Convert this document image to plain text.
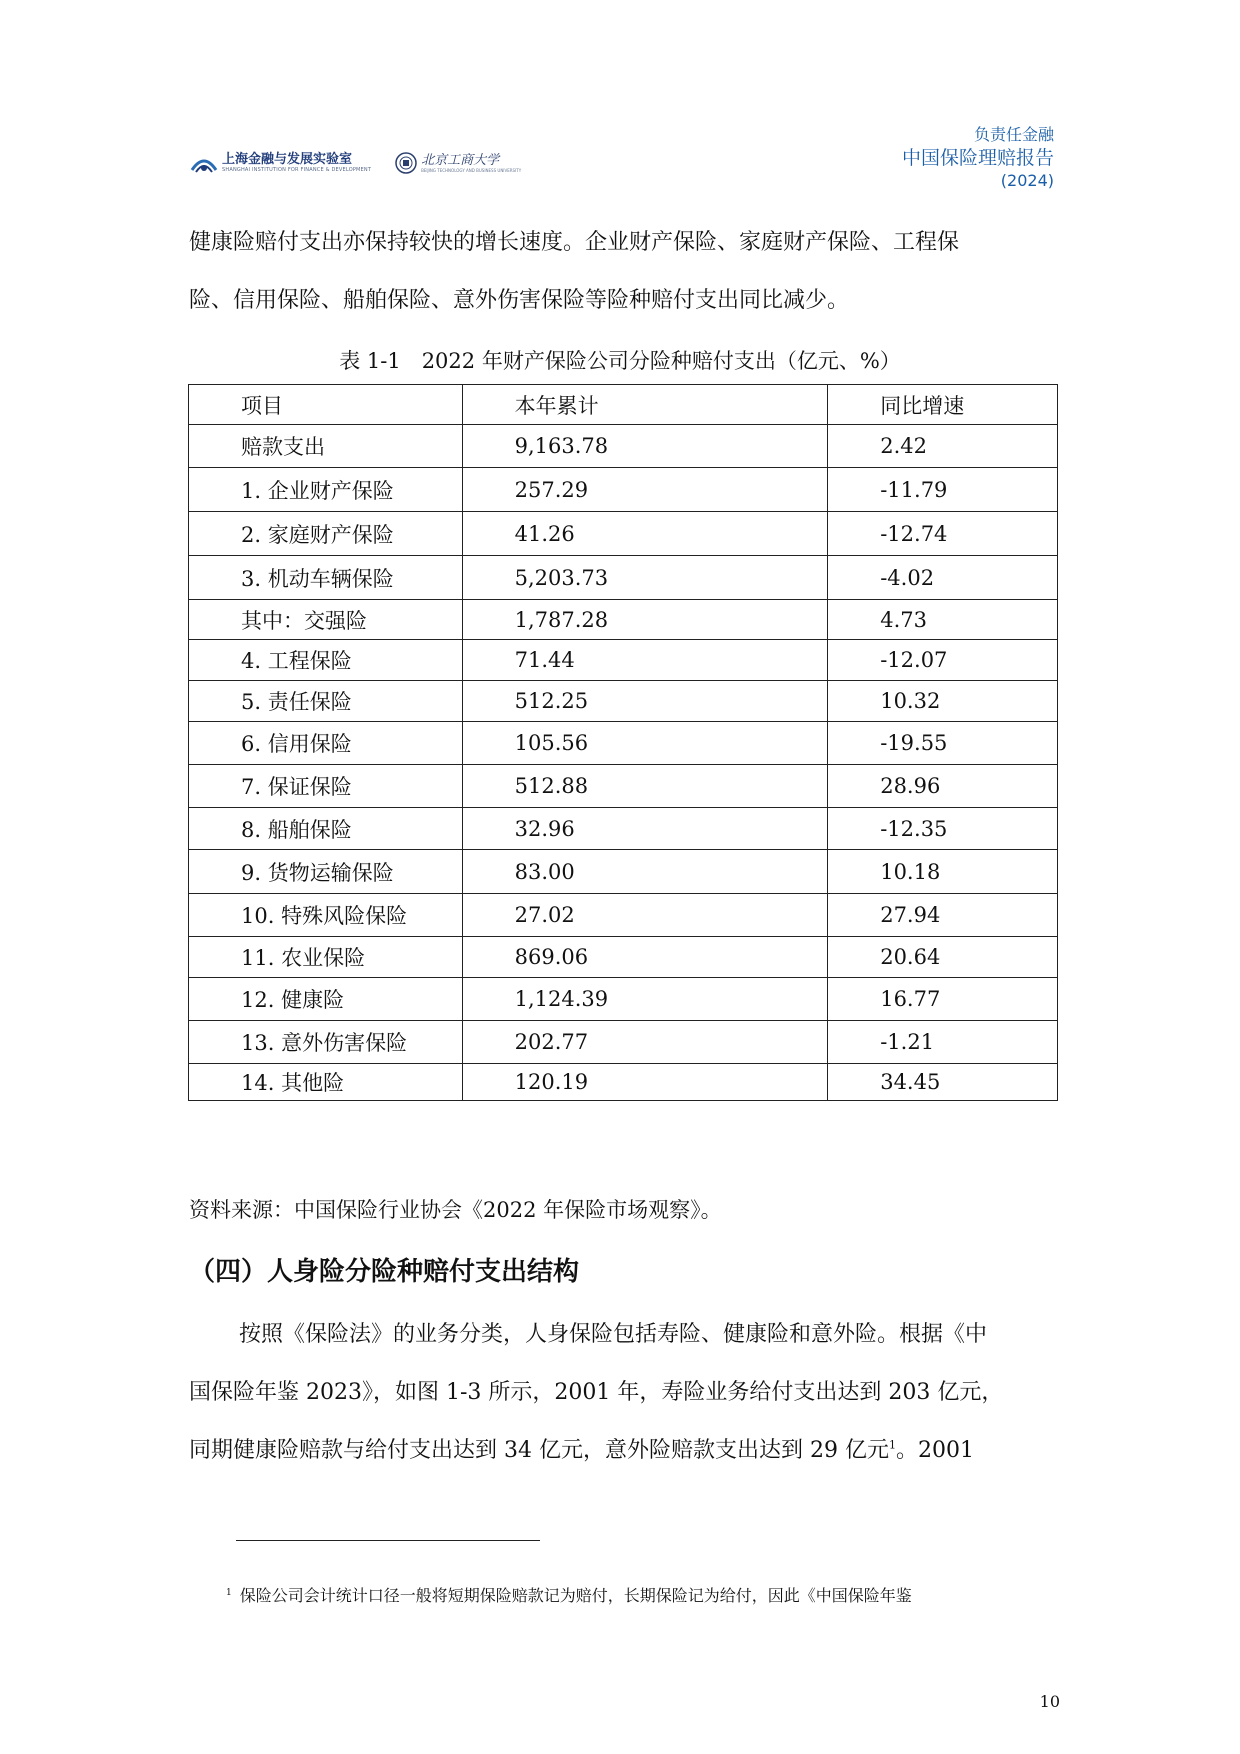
上海金融与发展实验室
SHANGHAI INSTITUTION FOR FINANCE & DEVELOPMENT
北京工商大学
BEIJING TECHNOLOGY AND BUSINESS UNIVERSITY
负责任金融
中国保险理赔报告
(2024)
健康险赔付支出亦保持较快的增长速度。企业财产保险、家庭财产保险、工程保
险、信用保险、船舶保险、意外伤害保险等险种赔付支出同比减少。
表 1-1　2022 年财产保险公司分险种赔付支出（亿元、%）
项目	本年累计	同比增速
赔款支出	9,163.78	2.42
1. 企业财产保险	257.29	-11.79
2. 家庭财产保险	41.26	-12.74
3. 机动车辆保险	5,203.73	-4.02
其中：交强险	1,787.28	4.73
4. 工程保险	71.44	-12.07
5. 责任保险	512.25	10.32
6. 信用保险	105.56	-19.55
7. 保证保险	512.88	28.96
8. 船舶保险	32.96	-12.35
9. 货物运输保险	83.00	10.18
10. 特殊风险保险	27.02	27.94
11. 农业保险	869.06	20.64
12. 健康险	1,124.39	16.77
13. 意外伤害保险	202.77	-1.21
14. 其他险	120.19	34.45
资料来源：中国保险行业协会《2022 年保险市场观察》。
（四）人身险分险种赔付支出结构
按照《保险法》的业务分类，人身保险包括寿险、健康险和意外险。根据《中
国保险年鉴 2023》，如图 1-3 所示，2001 年，寿险业务给付支出达到 203 亿元，
同期健康险赔款与给付支出达到 34 亿元，意外险赔款支出达到 29 亿元$^1$。2001
$^1$ 保险公司会计统计口径一般将短期保险赔款记为赔付，长期保险记为给付，因此《中国保险年鉴
10
